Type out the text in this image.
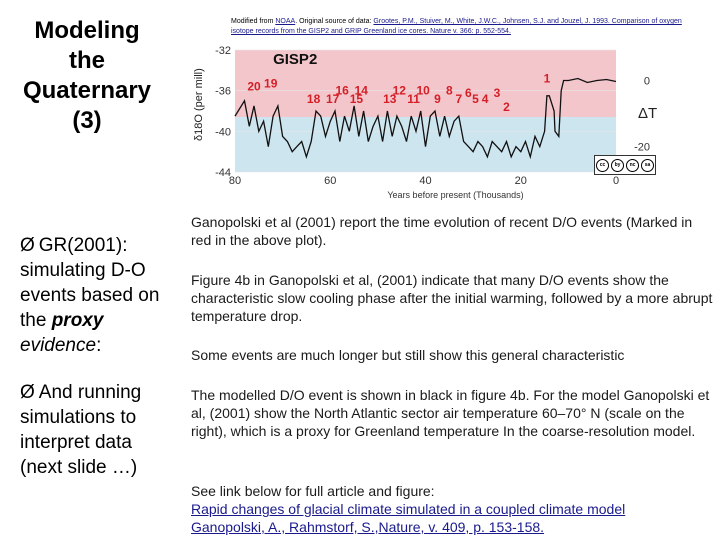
Modeling
the
Quaternary
(3)
Ø GR(2001): simulating D-O events based on the proxy evidence:
Ø And running simulations to interpret data (next slide …)
Modified from NOAA. Original source of data: Grootes, P.M., Stuiver, M., White, J.W.C., Johnsen, S.J. and Jouzel, J. 1993. Comparison of oxygen isotope records from the GISP2 and GRIP Greenland ice cores. Nature v. 366: p. 552-554.
-32
-36
-40
-44
80	60	40	20	0
0
-20
20 19
18 17
16
15
14
13
12
11
10
9
8
7 6 5 4 3
2
1
GISP2
δ18O (per mill)
Years before present (Thousands)
ΔT
cc	by	nc	sa
Ganopolski et al (2001) report the time evolution of recent D/O events (Marked in red in the above plot).
Figure 4b in Ganopolski et al, (2001) indicate that many D/O events show the characteristic slow cooling phase after the initial warming, followed by a more abrupt temperature drop.
Some events are much longer but still show this general characteristic
The modelled D/O event is shown in black in figure 4b. For the model Ganopolski et al, (2001) show the North Atlantic sector air temperature 60–70° N (scale on the right), which is a proxy for Greenland temperature In the coarse-resolution model.
See link below for full article and figure:
Rapid changes of glacial climate simulated in a coupled climate model
Ganopolski, A., Rahmstorf, S.,Nature, v. 409, p. 153-158.
